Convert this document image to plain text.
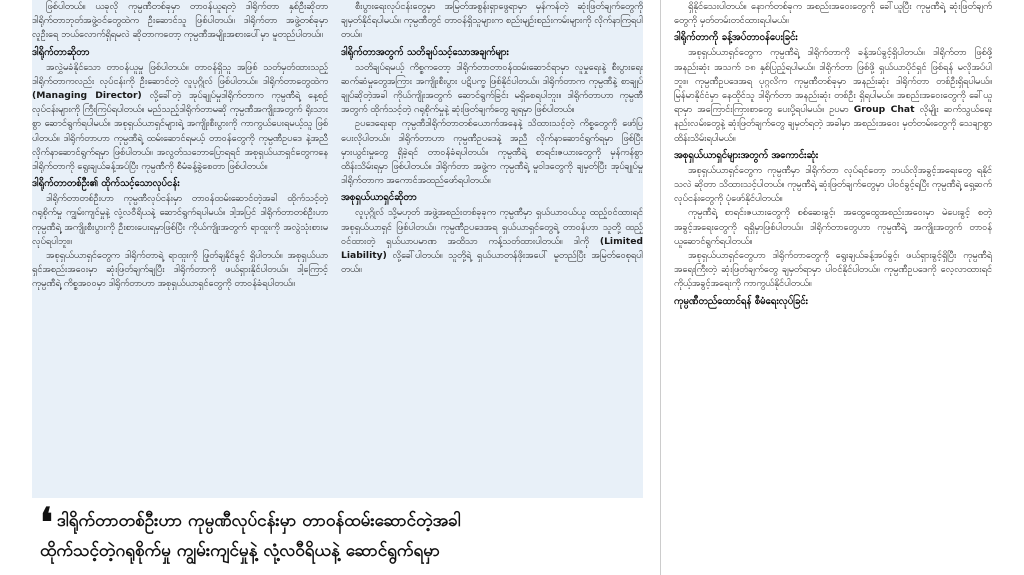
ဖြစ်ပါတယ်။ ယခုလို ကုမ္ပဏီတစ်ခုမှာ တာဝန်ယူရတဲ့ ဒါရိုက်တာ နှစ်ဦးဆိုတာ ဒါရိုက်တာဘုတ်အဖွဲ့ဝင်တွေထဲက ဦးဆောင်သူ ဖြစ်ပါတယ်။ ဒါရိုက်တာ အဖွဲ့တစ်ခုမှာ လူဦးရေ ဘယ်လောက်ရှိရမလဲ ဆိုတာကတော့ ကုမ္ပဏီအမျိုးအစားပေါ်မှာ မူတည်ပါတယ်။

ဒါရိုက်တာဆိုတာ

အလွှဲမခံနိုင်သော တာဝန်ယူမှု ဖြစ်ပါတယ်။ တာဝန်ရှိသူ အဖြစ် သတ်မှတ်ထားသည့် ဒါရိုက်တာကလည်း လုပ်ငန်းကို ဦးဆောင်တဲ့ လူပုဂ္ဂိုလ် ဖြစ်ပါတယ်။ ဒါရိုက်တာတွေထဲက (Managing Director) လို့ခေါ်တဲ့ အုပ်ချုပ်မှုဒါရိုက်တာက ကုမ္ပဏီရဲ့ နေ့စဉ်လုပ်ငန်းများကို ကြီးကြပ်ရပါတယ်။ မည်သည့်ဒါရိုက်တာမဆို ကုမ္ပဏီအကျိုးအတွက် ရိုးသားစွာ ဆောင်ရွက်ရပါမယ်။ အစုရှယ်ယာရှင်များရဲ့ အကျိုးစီးပွားကို ကာကွယ်ပေးရမယ့်သူ ဖြစ်ပါတယ်။ ဒါရိုက်တာဟာ ကုမ္ပဏီရဲ့ ထမ်းဆောင်ရမယ့် တာဝန်တွေကို ကုမ္ပဏီဥပဒေ နဲ့အညီ လိုက်နာဆောင်ရွက်ရမှာ ဖြစ်ပါတယ်။ အလွတ်သဘောပြောရရင် အစုရှယ်ယာရှင်တွေကနေ ဒါရိုက်တာကို ရွေးချယ်ခန့်အပ်ပြီး ကုမ္ပဏီကို စီမံခန့်ခွဲစေတာ ဖြစ်ပါတယ်။

ဒါရိုက်တာတစ်ဦး၏ ထိုက်သင့်သောလုပ်ငန်း

ဒါရိုက်တာတစ်ဦးဟာ ကုမ္ပဏီလုပ်ငန်းမှာ တာဝန်ထမ်းဆောင်တဲ့အခါ ထိုက်သင့်တဲ့ဂရုစိုက်မှု ကျွမ်းကျင်မှုနဲ့ လုံ့လဝီရိယနဲ့ ဆောင်ရွက်ရပါမယ်။ ဒါ့အပြင် ဒါရိုက်တာတစ်ဦးဟာ ကုမ္ပဏီရဲ့ အကျိုးစီးပွားကို ဦးစားပေးရမှာဖြစ်ပြီး ကိုယ်ကျိုးအတွက် ရာထူးကို အလွဲသုံးစားမလုပ်ရပါဘူး။

အစုရှယ်ယာရှင်တွေက ဒါရိုက်တာရဲ့ ရာထူးကို ဖြုတ်ချနိုင်ခွင့် ရှိပါတယ်။ အစုရှယ်ယာရှင်အစည်းအဝေးမှာ ဆုံးဖြတ်ချက်ချပြီး ဒါရိုက်တာကို ဖယ်ရှားနိုင်ပါတယ်။ ဒါ့ကြောင့် ကုမ္ပဏီရဲ့ ကိစ္စအဝဝမှာ ဒါရိုက်တာဟာ အစုရှယ်ယာရှင်တွေကို တာဝန်ခံရပါတယ်။

စီးပွားရေးလုပ်ငန်းတွေမှာ အမြတ်အစွန်းရှာဖွေရာမှာ မှန်ကန်တဲ့ ဆုံးဖြတ်ချက်တွေကို ချမှတ်နိုင်ရပါမယ်။ ကုမ္ပဏီတွင် တာဝန်ရှိသူများက စည်းမျဉ်းစည်းကမ်းများကို လိုက်နာကြရပါတယ်။

ဒါရိုက်တာအတွက် သတိချပ်သင့်သောအချက်များ

သတိချပ်ရမယ့် ကိစ္စကတော့ ဒါရိုက်တာတာဝန်ထမ်းဆောင်ရာမှာ လူမှုရေးနဲ့ စီးပွားရေး ဆက်ဆံမှုတွေအကြား အကျိုးစီးပွား ပဋိပက္ခ ဖြစ်နိုင်ပါတယ်။ ဒါရိုက်တာက ကုမ္ပဏီနဲ့ စာချုပ်ချုပ်ဆိုတဲ့အခါ ကိုယ်ကျိုးအတွက် ဆောင်ရွက်ခြင်း မရှိစေရပါဘူး။ ဒါရိုက်တာဟာ ကုမ္ပဏီအတွက် ထိုက်သင့်တဲ့ ဂရုစိုက်မှုနဲ့ ဆုံးဖြတ်ချက်တွေ ချရမှာ ဖြစ်ပါတယ်။

ဥပဒေရေးရာ ကုမ္ပဏီဒါရိုက်တာတစ်ယောက်အနေနဲ့ သိထားသင့်တဲ့ ကိစ္စတွေကို ဖော်ပြပေးလိုပါတယ်။ ဒါရိုက်တာဟာ ကုမ္ပဏီဥပဒေနဲ့ အညီ လိုက်နာဆောင်ရွက်ရမှာ ဖြစ်ပြီး မှားယွင်းမှုတွေ ရှိခဲ့ရင် တာဝန်ခံရပါတယ်။ ကုမ္ပဏီရဲ့ စာရင်းဇယားတွေကို မှန်ကန်စွာ ထိန်းသိမ်းရမှာ ဖြစ်ပါတယ်။ ဒါရိုက်တာ အဖွဲ့က ကုမ္ပဏီရဲ့ မူဝါဒတွေကို ချမှတ်ပြီး အုပ်ချုပ်မှုဒါရိုက်တာက အကောင်အထည်ဖော်ရပါတယ်။

အစုရှယ်ယာရှင်ဆိုတာ

လူပုဂ္ဂိုလ် သို့မဟုတ် အဖွဲ့အစည်းတစ်ခုခုက ကုမ္ပဏီမှာ ရှယ်ယာဝယ်ယူ ထည့်ဝင်ထားရင် အစုရှယ်ယာရှင် ဖြစ်ပါတယ်။ ကုမ္ပဏီဥပဒေအရ ရှယ်ယာရှင်တွေရဲ့ တာဝန်ဟာ သူတို့ ထည့်ဝင်ထားတဲ့ ရှယ်ယာပမာဏ အထိသာ ကန့်သတ်ထားပါတယ်။ ဒါကို (Limited Liability) လို့ခေါ်ပါတယ်။ သူတို့ရဲ့ ရှယ်ယာတန်ဖိုးအပေါ် မူတည်ပြီး အမြတ်ဝေစုရပါတယ်။

ရှိနိုင်သေးပါတယ်။ နောက်တစ်ခုက အစည်းအဝေးတွေကို ခေါ်ယူပြီး ကုမ္ပဏီရဲ့ ဆုံးဖြတ်ချက်တွေကို မှတ်တမ်းတင်ထားရပါမယ်။

ဒါရိုက်တာကို ခန့်အပ်တာဝန်ပေးခြင်း

အစုရှယ်ယာရှင်တွေက ကုမ္ပဏီရဲ့ ဒါရိုက်တာကို ခန့်အပ်ခွင့်ရှိပါတယ်။ ဒါရိုက်တာ ဖြစ်ဖို့ အနည်းဆုံး အသက် ၁၈ နှစ်ပြည့်ရပါမယ်။ ဒါရိုက်တာ ဖြစ်ဖို့ ရှယ်ယာပိုင်ရှင် ဖြစ်ရန် မလိုအပ်ပါဘူး။ ကုမ္ပဏီဥပဒေအရ ပုဂ္ဂလိက ကုမ္ပဏီတစ်ခုမှာ အနည်းဆုံး ဒါရိုက်တာ တစ်ဦးရှိရပါမယ်။ မြန်မာနိုင်ငံမှာ နေထိုင်သူ ဒါရိုက်တာ အနည်းဆုံး တစ်ဦး ရှိရပါမယ်။ အစည်းအဝေးတွေကို ခေါ်ယူရာမှာ အကြောင်းကြားစာတွေ ပေးပို့ရပါမယ်။ ဥပမာ Group Chat လိုမျိုး ဆက်သွယ်ရေးနည်းလမ်းတွေနဲ့ ဆုံးဖြတ်ချက်တွေ ချမှတ်ရတဲ့ အခါမှာ အစည်းအဝေး မှတ်တမ်းတွေကို သေချာစွာ ထိန်းသိမ်းရပါမယ်။

အစုရှယ်ယာရှင်များအတွက် အကောင်းဆုံး

အစုရှယ်ယာရှင်တွေက ကုမ္ပဏီမှာ ဒါရိုက်တာ လုပ်ရင်တော့ ဘယ်လိုအခွင့်အရေးတွေ ရနိုင်သလဲ ဆိုတာ သိထားသင့်ပါတယ်။ ကုမ္ပဏီရဲ့ ဆုံးဖြတ်ချက်တွေမှာ ပါဝင်ခွင့်ရပြီး ကုမ္ပဏီရဲ့ ရှေ့ဆက်လုပ်ငန်းတွေကို ပုံဖော်နိုင်ပါတယ်။

ကုမ္ပဏီရဲ့ စာရင်းဇယားတွေကို စစ်ဆေးခွင့်၊ အထွေထွေအစည်းအဝေးမှာ မဲပေးခွင့် စတဲ့ အခွင့်အရေးတွေကို ရရှိမှာဖြစ်ပါတယ်။ ဒါရိုက်တာတွေဟာ ကုမ္ပဏီရဲ့ အကျိုးအတွက် တာဝန်ယူဆောင်ရွက်ရပါတယ်။

အစုရှယ်ယာရှင်တွေဟာ ဒါရိုက်တာတွေကို ရွေးချယ်ခန့်အပ်ခွင့်၊ ဖယ်ရှားခွင့်ရှိပြီး ကုမ္ပဏီရဲ့ အရေးကြီးတဲ့ ဆုံးဖြတ်ချက်တွေ ချမှတ်ရာမှာ ပါဝင်နိုင်ပါတယ်။ ကုမ္ပဏီဥပဒေကို လေ့လာထားရင် ကိုယ့်အခွင့်အရေးကို ကာကွယ်နိုင်ပါတယ်။

ကုမ္ပဏီတည်ထောင်ရန် စီမံရေးလုပ်ခြင်း
❛ ဒါရိုက်တာတစ်ဦးဟာ ကုမ္ပဏီလုပ်ငန်းမှာ တာဝန်ထမ်းဆောင်တဲ့အခါ
ထိုက်သင့်တဲ့ဂရုစိုက်မှု ကျွမ်းကျင်မှုနဲ့ လုံ့လဝီရိယနဲ့ ဆောင်ရွက်ရမှာ
